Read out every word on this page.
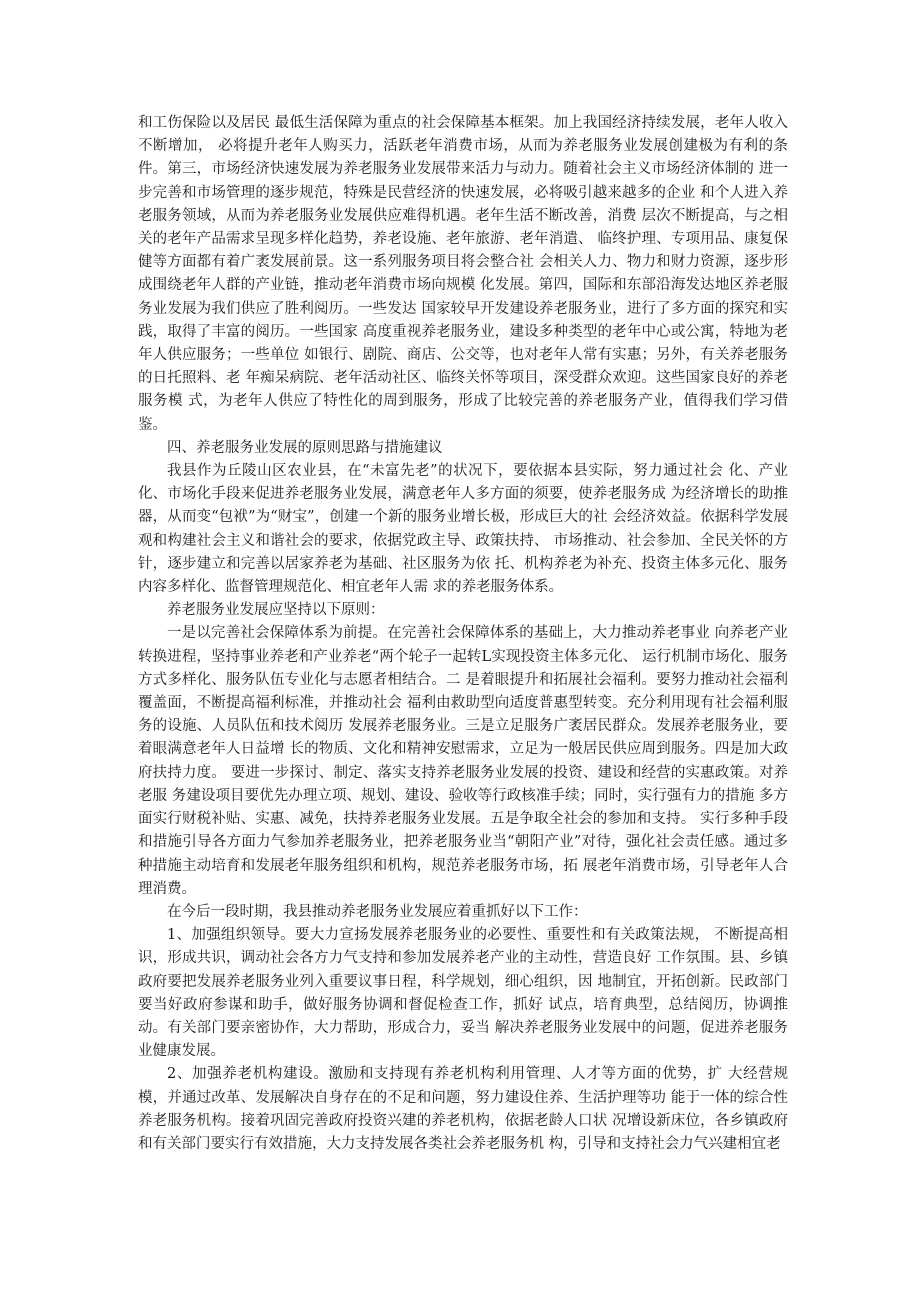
和工伤保险以及居民 最低生活保障为重点的社会保障基本框架。加上我国经济持续发展，老年人收入不断增加， 必将提升老年人购买力，活跃老年消费市场，从而为养老服务业发展创建极为有利的条件。第三，市场经济快速发展为养老服务业发展带来活力与动力。随着社会主义市场经济体制的 进一步完善和市场管理的逐步规范，特殊是民营经济的快速发展，必将吸引越来越多的企业 和个人进入养老服务领域，从而为养老服务业发展供应难得机遇。老年生活不断改善，消费 层次不断提高，与之相关的老年产品需求呈现多样化趋势，养老设施、老年旅游、老年消遣、 临终护理、专项用品、康复保健等方面都有着广袤发展前景。这一系列服务项目将会整合社 会相关人力、物力和财力资源，逐步形成围绕老年人群的产业链，推动老年消费市场向规模 化发展。第四，国际和东部沿海发达地区养老服务业发展为我们供应了胜利阅历。一些发达 国家较早开发建设养老服务业，进行了多方面的探究和实践，取得了丰富的阅历。一些国家 高度重视养老服务业，建设多种类型的老年中心或公寓，特地为老年人供应服务；一些单位 如银行、剧院、商店、公交等，也对老年人常有实惠；另外，有关养老服务的日托照料、老 年痴呆病院、老年活动社区、临终关怀等项目，深受群众欢迎。这些国家良好的养老服务模 式，为老年人供应了特性化的周到服务，形成了比较完善的养老服务产业，值得我们学习借 鉴。

四、养老服务业发展的原则思路与措施建议

我县作为丘陵山区农业县，在“未富先老”的状况下，要依据本县实际，努力通过社会 化、产业化、市场化手段来促进养老服务业发展，满意老年人多方面的须要，使养老服务成 为经济增长的助推器，从而变“包袱”为“财宝”，创建一个新的服务业增长极，形成巨大的社 会经济效益。依据科学发展观和构建社会主义和谐社会的要求，依据党政主导、政策扶持、 市场推动、社会参加、全民关怀的方针，逐步建立和完善以居家养老为基础、社区服务为依 托、机构养老为补充、投资主体多元化、服务内容多样化、监督管理规范化、相宜老年人需 求的养老服务体系。

养老服务业发展应坚持以下原则：

一是以完善社会保障体系为前提。在完善社会保障体系的基础上，大力推动养老事业 向养老产业转换进程，坚持事业养老和产业养老“两个轮子一起转L实现投资主体多元化、 运行机制市场化、服务方式多样化、服务队伍专业化与志愿者相结合。二 是着眼提升和拓展社会福利。要努力推动社会福利覆盖面，不断提高福利标准，并推动社会 福利由救助型向适度普惠型转变。充分利用现有社会福利服务的设施、人员队伍和技术阅历 发展养老服务业。三是立足服务广袤居民群众。发展养老服务业，要着眼满意老年人日益增 长的物质、文化和精神安慰需求，立足为一般居民供应周到服务。四是加大政府扶持力度。 要进一步探讨、制定、落实支持养老服务业发展的投资、建设和经营的实惠政策。对养老服 务建设项目要优先办理立项、规划、建设、验收等行政核准手续；同时，实行强有力的措施 多方面实行财税补贴、实惠、减免，扶持养老服务业发展。五是争取全社会的参加和支持。 实行多种手段和措施引导各方面力气参加养老服务业，把养老服务业当“朝阳产业”对待，强化社会责任感。通过多种措施主动培育和发展老年服务组织和机构，规范养老服务市场，拓 展老年消费市场，引导老年人合理消费。

在今后一段时期，我县推动养老服务业发展应着重抓好以下工作：

1、加强组织领导。要大力宣扬发展养老服务业的必要性、重要性和有关政策法规， 不断提高相识，形成共识，调动社会各方力气支持和参加发展养老产业的主动性，营造良好 工作氛围。县、乡镇政府要把发展养老服务业列入重要议事日程，科学规划，细心组织，因 地制宜，开拓创新。民政部门要当好政府参谋和助手，做好服务协调和督促检查工作，抓好 试点，培育典型，总结阅历，协调推动。有关部门要亲密协作，大力帮助，形成合力，妥当 解决养老服务业发展中的问题，促进养老服务业健康发展。

2、加强养老机构建设。激励和支持现有养老机构利用管理、人才等方面的优势，扩 大经营规模，并通过改革、发展解决自身存在的不足和问题，努力建设住养、生活护理等功 能于一体的综合性养老服务机构。接着巩固完善政府投资兴建的养老机构，依据老龄人口状 况增设新床位，各乡镇政府和有关部门要实行有效措施，大力支持发展各类社会养老服务机 构，引导和支持社会力气兴建相宜老
